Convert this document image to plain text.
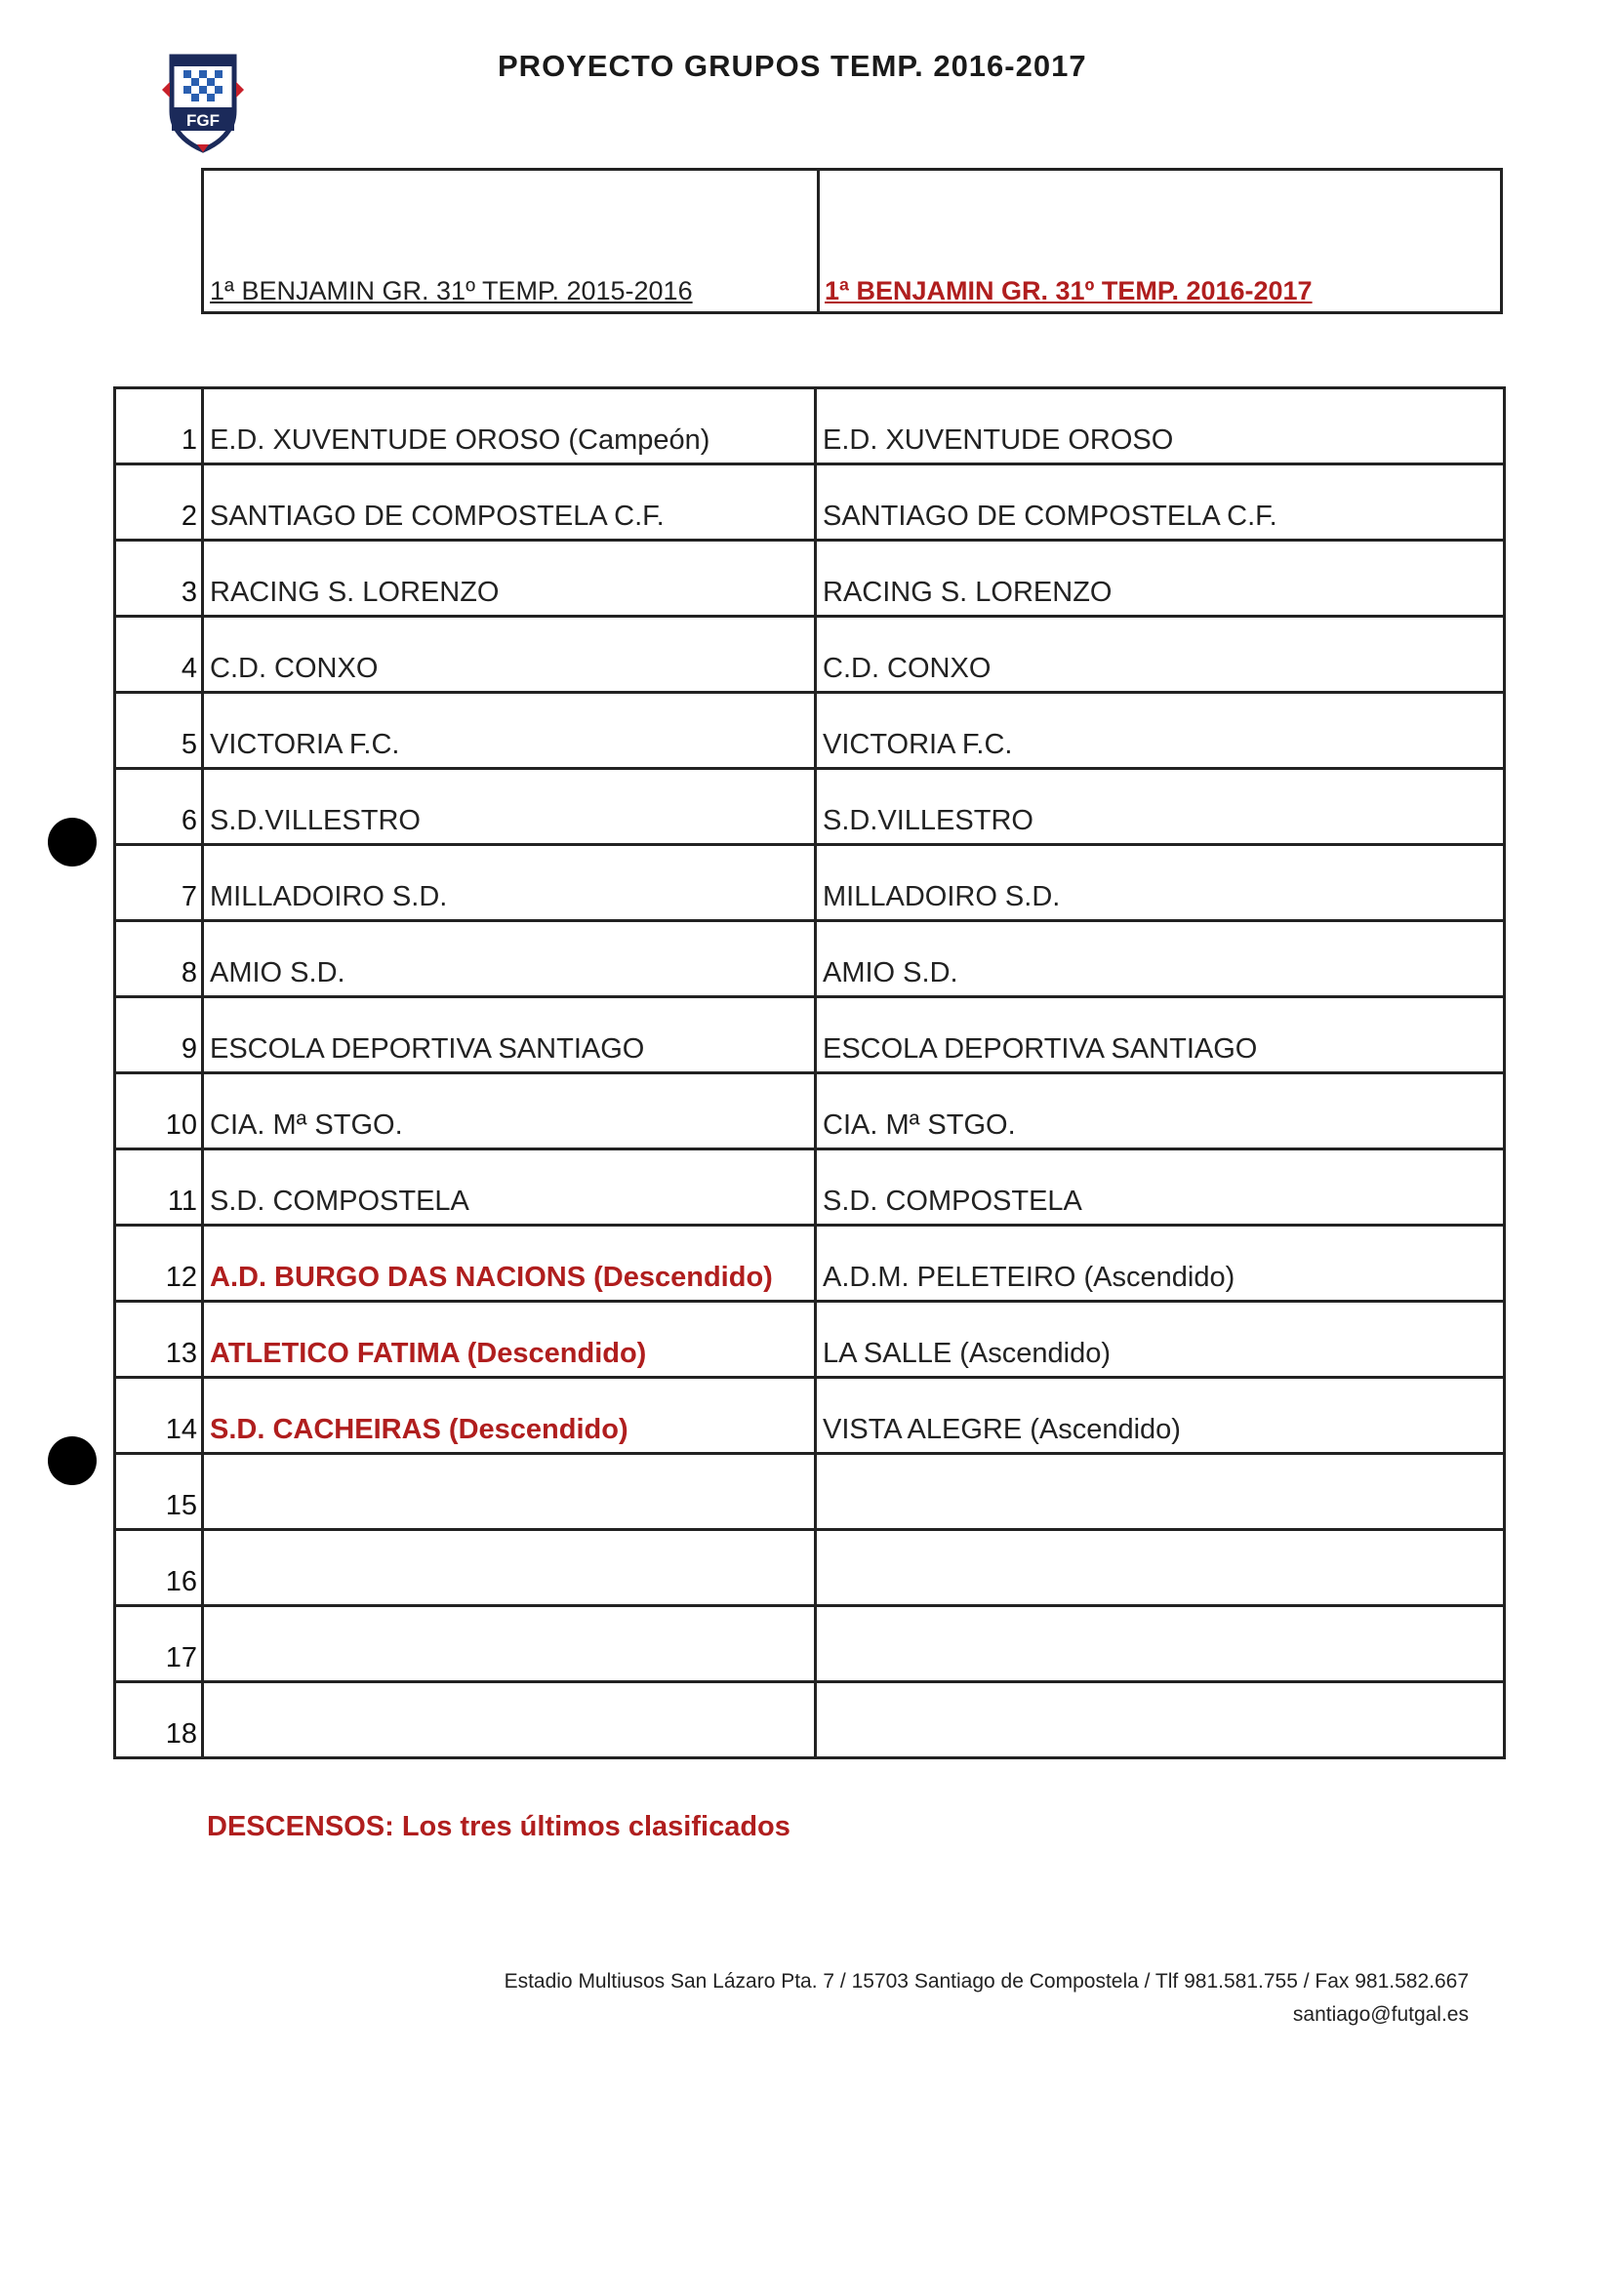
FGF
PROYECTO GRUPOS TEMP. 2016-2017
1ª BENJAMIN GR. 31º TEMP. 2015-2016	1ª BENJAMIN GR. 31º TEMP. 2016-2017
1	E.D. XUVENTUDE OROSO (Campeón)	E.D. XUVENTUDE OROSO
2	SANTIAGO DE COMPOSTELA C.F.	SANTIAGO DE COMPOSTELA C.F.
3	RACING S. LORENZO	RACING S. LORENZO
4	C.D. CONXO	C.D. CONXO
5	VICTORIA F.C.	VICTORIA F.C.
6	S.D.VILLESTRO	S.D.VILLESTRO
7	MILLADOIRO S.D.	MILLADOIRO S.D.
8	AMIO S.D.	AMIO S.D.
9	ESCOLA DEPORTIVA SANTIAGO	ESCOLA DEPORTIVA SANTIAGO
10	CIA. Mª STGO.	CIA. Mª STGO.
11	S.D. COMPOSTELA	S.D. COMPOSTELA
12	A.D. BURGO DAS NACIONS (Descendido)	A.D.M. PELETEIRO (Ascendido)
13	ATLETICO FATIMA (Descendido)	LA SALLE (Ascendido)
14	S.D. CACHEIRAS (Descendido)	VISTA ALEGRE (Ascendido)
15		
16		
17		
18		
DESCENSOS: Los tres últimos clasificados
Estadio Multiusos San Lázaro Pta. 7 / 15703 Santiago de Compostela / Tlf 981.581.755 / Fax 981.582.667
santiago@futgal.es
